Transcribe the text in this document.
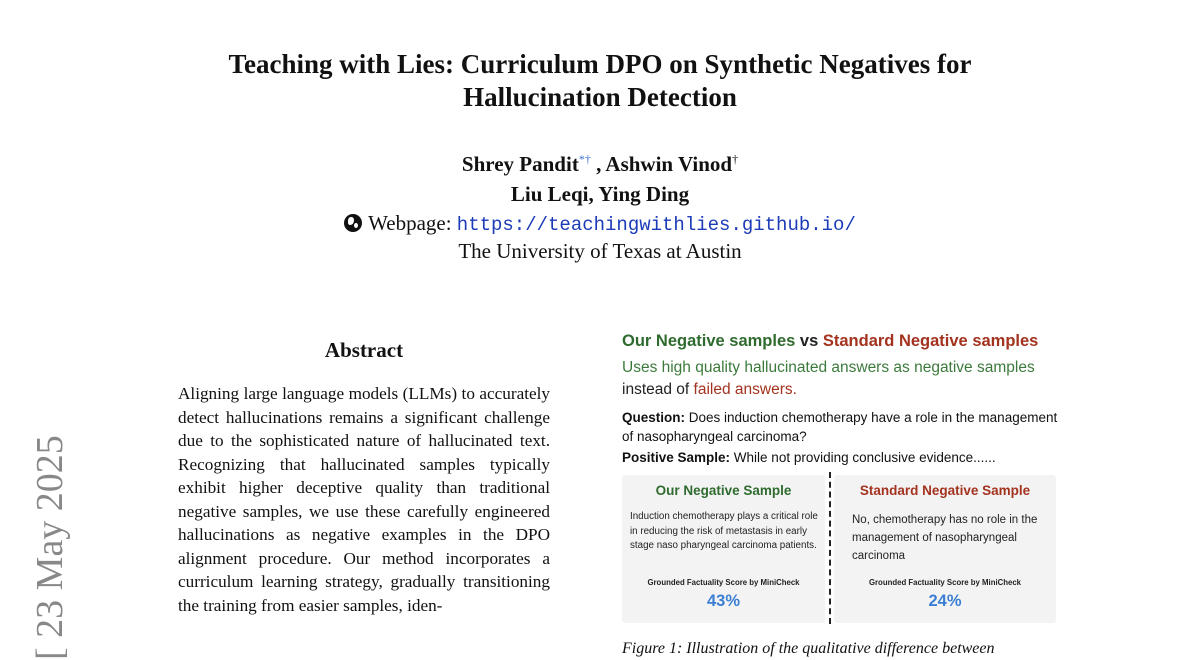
Teaching with Lies: Curriculum DPO on Synthetic Negatives for
Hallucination Detection
Shrey Pandit*† , Ashwin Vinod†
Liu Leqi, Ying Ding
Webpage: https://teachingwithlies.github.io/
The University of Texas at Austin
[ 23 May 2025
Abstract
Aligning large language models (LLMs) to accurately detect hallucinations remains a significant challenge due to the sophisticated nature of hallucinated text. Recognizing that hallucinated samples typically exhibit higher deceptive quality than traditional negative samples, we use these carefully engineered hallucinations as negative examples in the DPO alignment procedure. Our method incorporates a curriculum learning strategy, gradually transitioning the training from easier samples, iden-
Our Negative samples vs Standard Negative samples
Uses high quality hallucinated answers as negative samples instead of failed answers.
Question: Does induction chemotherapy have a role in the management of nasopharyngeal carcinoma?
Positive Sample: While not providing conclusive evidence......
Our Negative Sample
Induction chemotherapy plays a critical role in reducing the risk of metastasis in early stage naso pharyngeal carcinoma patients.
Grounded Factuality Score by MiniCheck
43%
Standard Negative Sample
No, chemotherapy has no role in the management of nasopharyngeal carcinoma
Grounded Factuality Score by MiniCheck
24%
Figure 1: Illustration of the qualitative difference between
